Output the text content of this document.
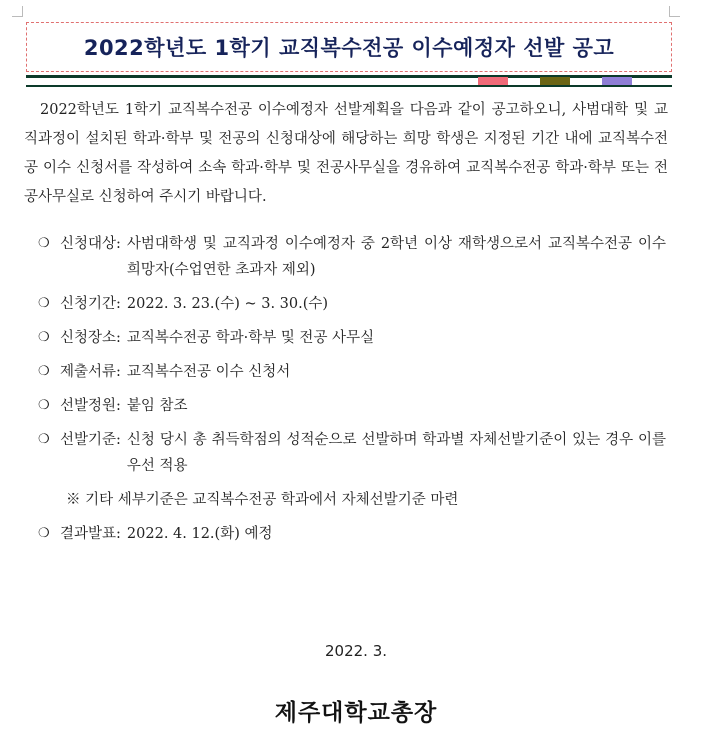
2022학년도 1학기 교직복수전공 이수예정자 선발 공고

2022학년도 1학기 교직복수전공 이수예정자 선발계획을 다음과 같이 공고하오니, 사범대학 및 교직과정이 설치된 학과·학부 및 전공의 신청대상에 해당하는 희망 학생은 지정된 기간 내에 교직복수전공 이수 신청서를 작성하여 소속 학과·학부 및 전공사무실을 경유하여 교직복수전공 학과·학부 또는 전공사무실로 신청하여 주시기 바랍니다.

❍ 신청대상: 사범대학생 및 교직과정 이수예정자 중 2학년 이상 재학생으로서 교직복수전공 이수 희망자(수업연한 초과자 제외)
❍ 신청기간: 2022. 3. 23.(수) ~ 3. 30.(수)
❍ 신청장소: 교직복수전공 학과·학부 및 전공 사무실
❍ 제출서류: 교직복수전공 이수 신청서
❍ 선발정원: 붙임 참조
❍ 선발기준: 신청 당시 총 취득학점의 성적순으로 선발하며 학과별 자체선발기준이 있는 경우 이를 우선 적용
※ 기타 세부기준은 교직복수전공 학과에서 자체선발기준 마련
❍ 결과발표: 2022. 4. 12.(화) 예정
2022. 3.
제주대학교총장
